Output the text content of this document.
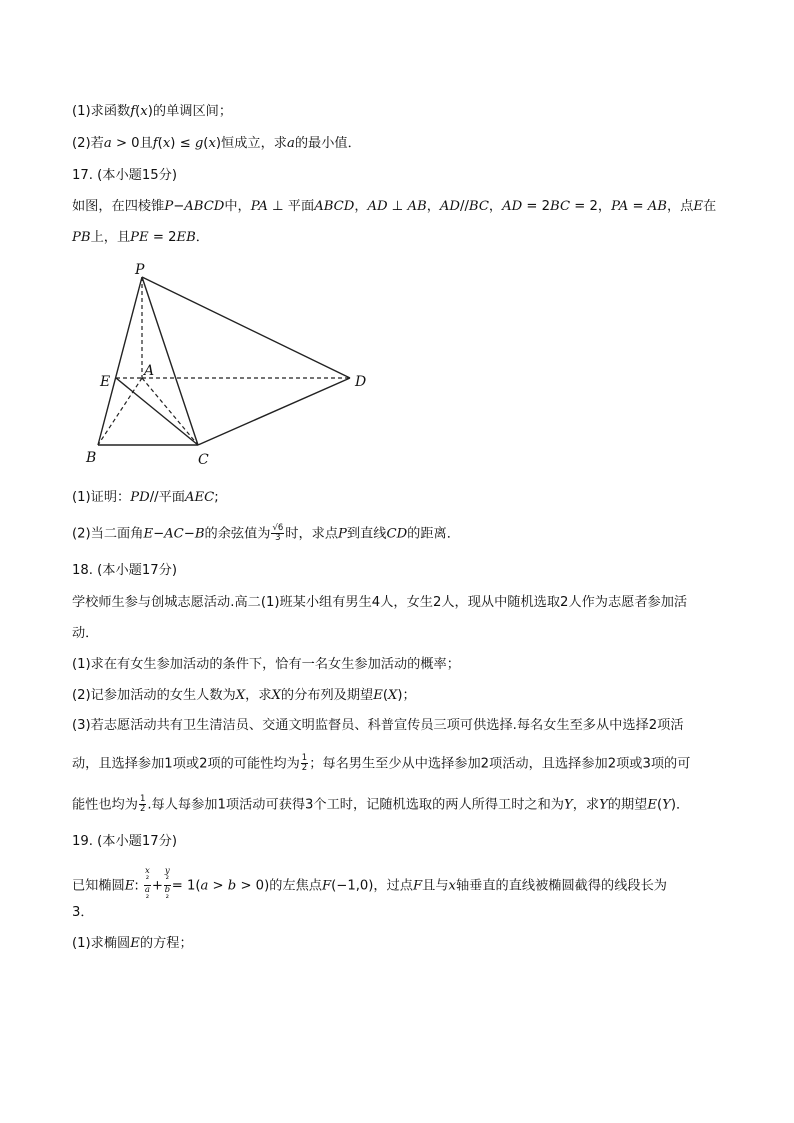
(1)求函数f(x)的单调区间；
(2)若a > 0且f(x) ≤ g(x)恒成立，求a的最小值．
17. (本小题15分)
如图，在四棱锥P−ABCD中，PA ⊥ 平面ABCD，AD ⊥ AB，AD//BC，AD = 2BC = 2，PA = AB，点E在
PB上，且PE = 2EB．
P
A
E	D
B	C
(1)证明：PD//平面AEC;
(2)当二面角E−AC−B的余弦值为 $\frac{√6}{3}$ 时，求点P到直线CD的距离．
18. (本小题17分)
学校师生参与创城志愿活动.高二(1)班某小组有男生4人，女生2人，现从中随机选取2人作为志愿者参加活
动．
(1)求在有女生参加活动的条件下，恰有一名女生参加活动的概率；
(2)记参加活动的女生人数为X，求X的分布列及期望E(X)；
(3)若志愿活动共有卫生清洁员、交通文明监督员、科普宣传员三项可供选择.每名女生至多从中选择2项活
动，且选择参加1项或2项的可能性均为 $\frac{1}{2}$ ；每名男生至少从中选择参加2项活动，且选择参加2项或3项的可
能性也均为 $\frac{1}{2}$ .每人每参加1项活动可获得3个工时，记随机选取的两人所得工时之和为Y，求Y的期望E(Y)．
19. (本小题17分)
已知椭圆E: x
²
a
² + y
²
b
² = 1(a > b > 0)的左焦点F(−1,0)，过点F且与x轴垂直的直线被椭圆截得的线段长为
3．
(1)求椭圆E的方程；
